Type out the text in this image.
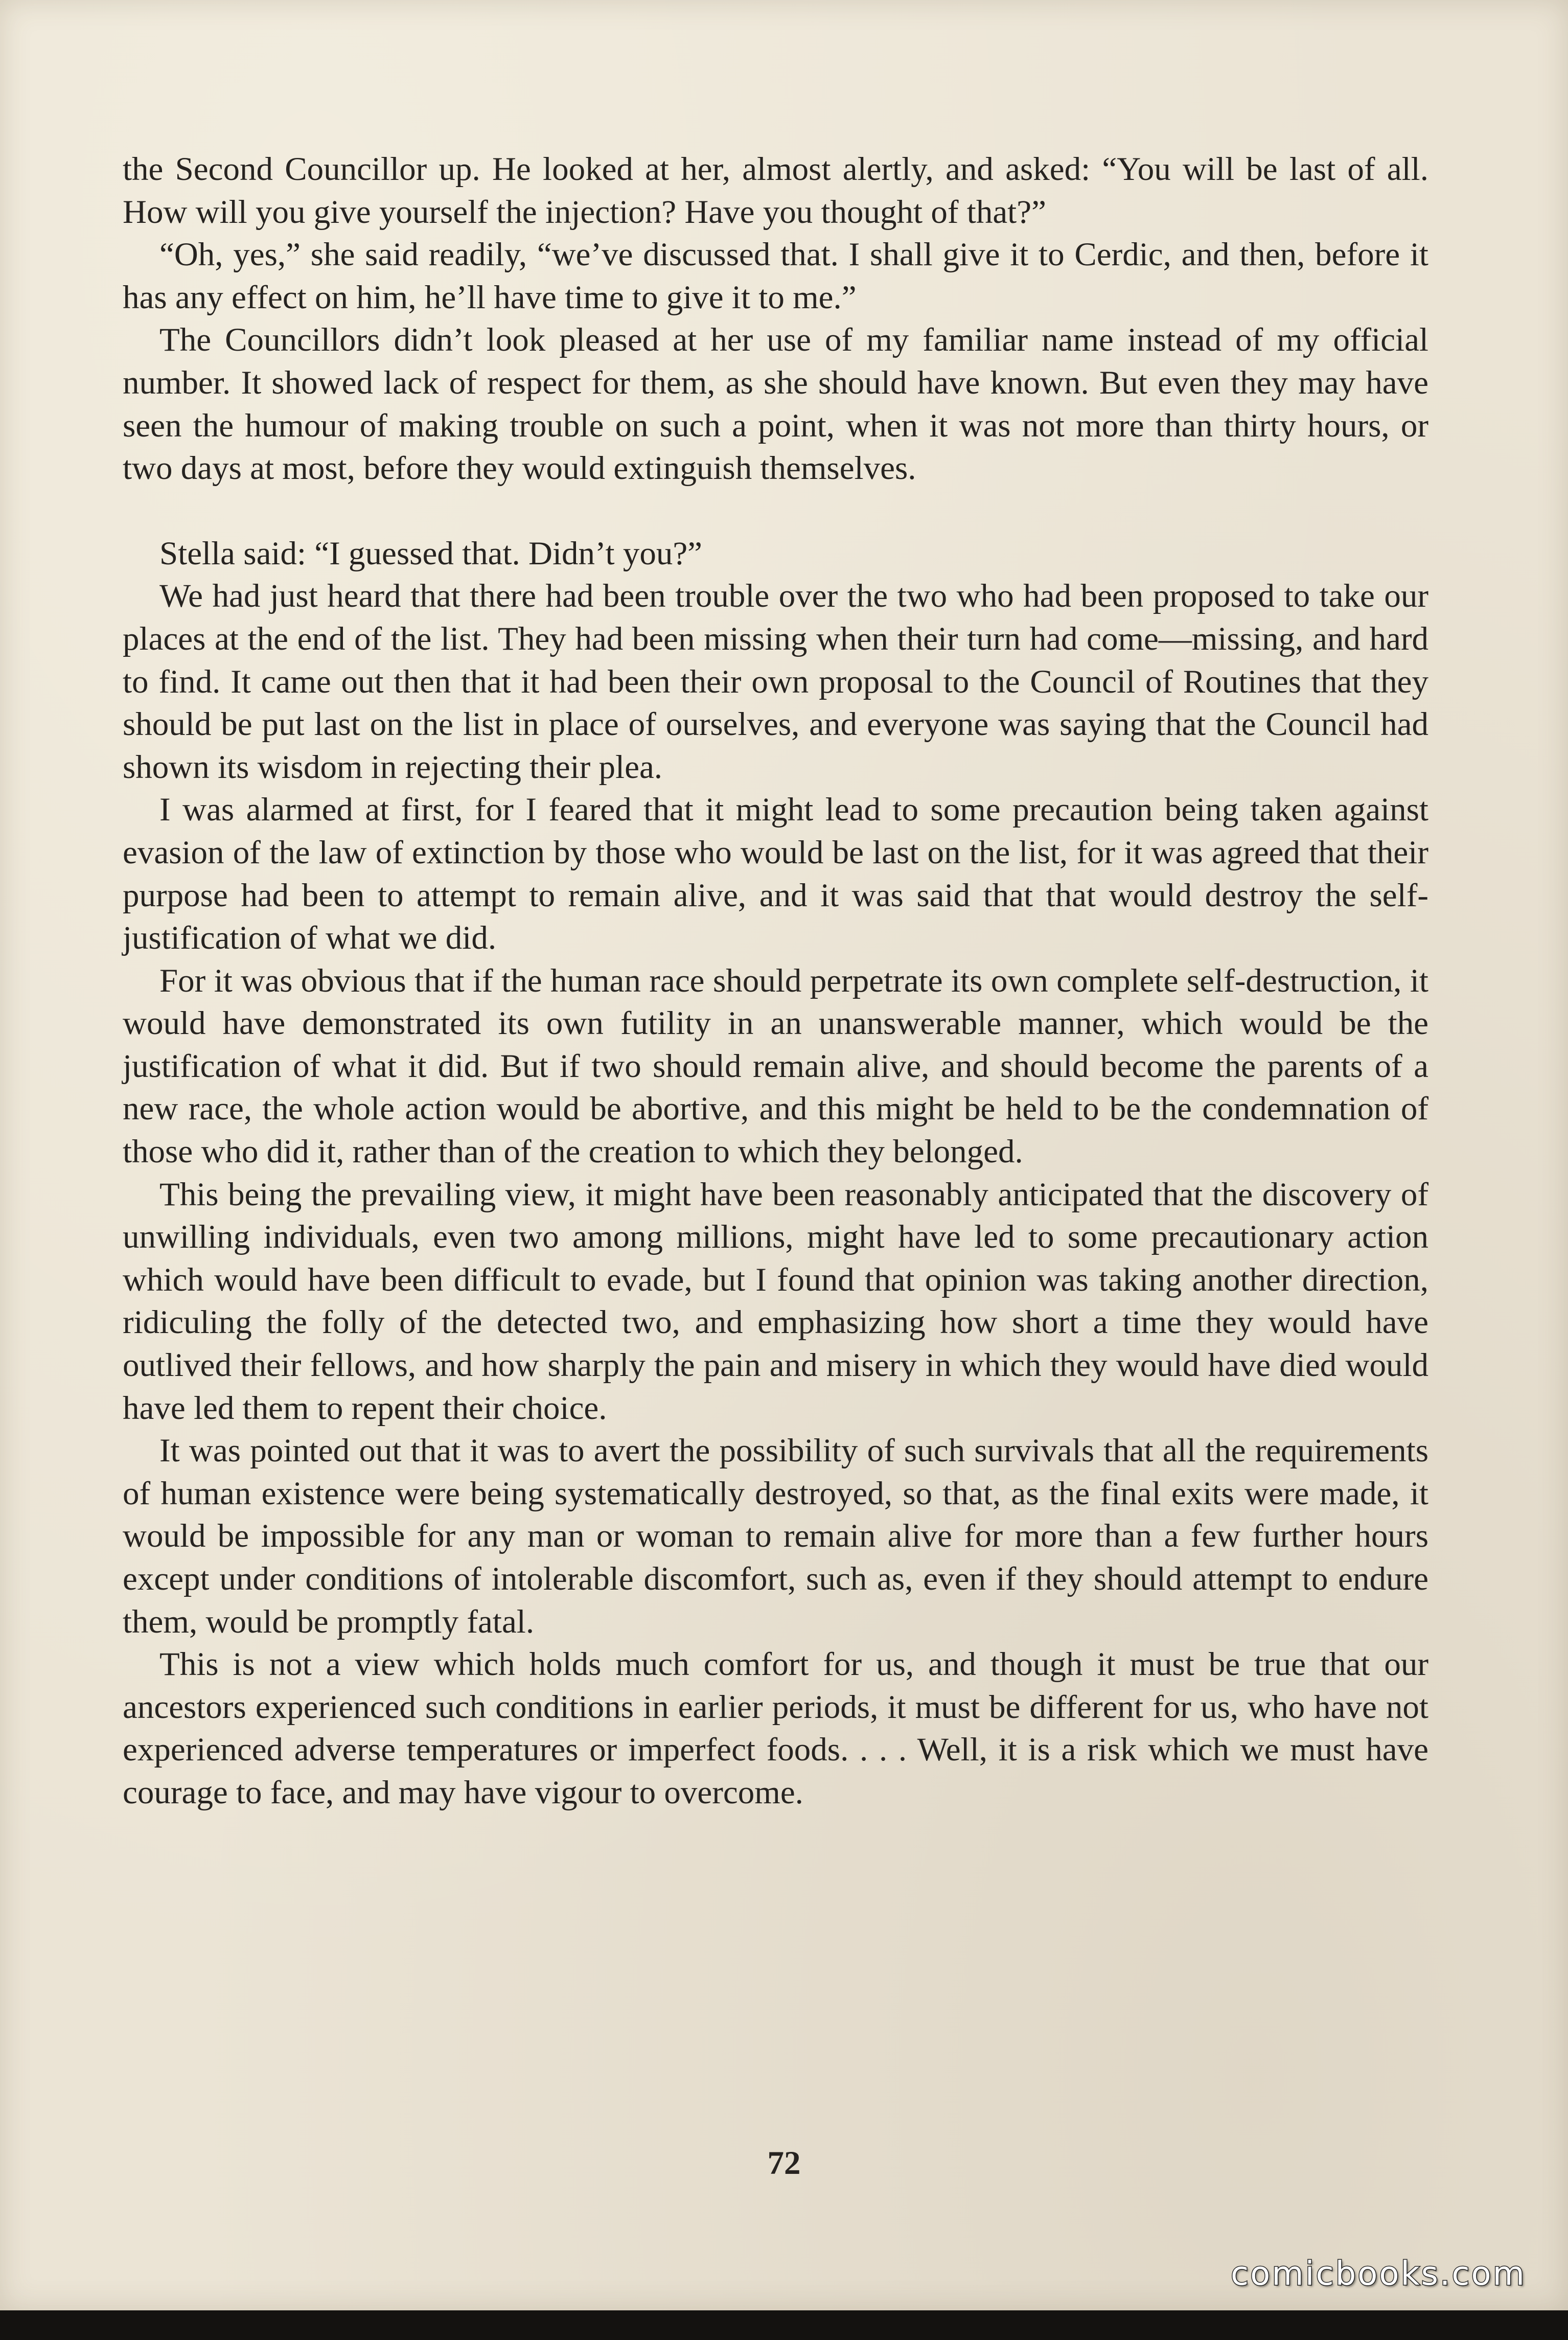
the Second Councillor up. He looked at her, almost alertly, and asked: “You will be last of all. How will you give yourself the injection? Have you thought of that?”

“Oh, yes,” she said readily, “we’ve discussed that. I shall give it to Cerdic, and then, before it has any effect on him, he’ll have time to give it to me.”

The Councillors didn’t look pleased at her use of my familiar name instead of my official number. It showed lack of respect for them, as she should have known. But even they may have seen the humour of making trouble on such a point, when it was not more than thirty hours, or two days at most, before they would extinguish themselves.

Stella said: “I guessed that. Didn’t you?”

We had just heard that there had been trouble over the two who had been proposed to take our places at the end of the list. They had been missing when their turn had come—missing, and hard to find. It came out then that it had been their own proposal to the Council of Routines that they should be put last on the list in place of ourselves, and everyone was saying that the Council had shown its wisdom in rejecting their plea.

I was alarmed at first, for I feared that it might lead to some precaution being taken against evasion of the law of extinction by those who would be last on the list, for it was agreed that their purpose had been to attempt to remain alive, and it was said that that would destroy the self-justification of what we did.

For it was obvious that if the human race should perpetrate its own complete self-destruction, it would have demonstrated its own futility in an unanswerable manner, which would be the justification of what it did. But if two should remain alive, and should become the parents of a new race, the whole action would be abortive, and this might be held to be the condemnation of those who did it, rather than of the creation to which they belonged.

This being the prevailing view, it might have been reasonably anticipated that the discovery of unwilling individuals, even two among millions, might have led to some precautionary action which would have been difficult to evade, but I found that opinion was taking another direction, ridiculing the folly of the detected two, and emphasizing how short a time they would have outlived their fellows, and how sharply the pain and misery in which they would have died would have led them to repent their choice.

It was pointed out that it was to avert the possibility of such survivals that all the requirements of human existence were being systematically destroyed, so that, as the final exits were made, it would be impossible for any man or woman to remain alive for more than a few further hours except under conditions of intolerable discomfort, such as, even if they should attempt to endure them, would be promptly fatal.

This is not a view which holds much comfort for us, and though it must be true that our ancestors experienced such conditions in earlier periods, it must be different for us, who have not experienced adverse temperatures or imperfect foods. . . . Well, it is a risk which we must have courage to face, and may have vigour to overcome.

72
comicbooks.com
